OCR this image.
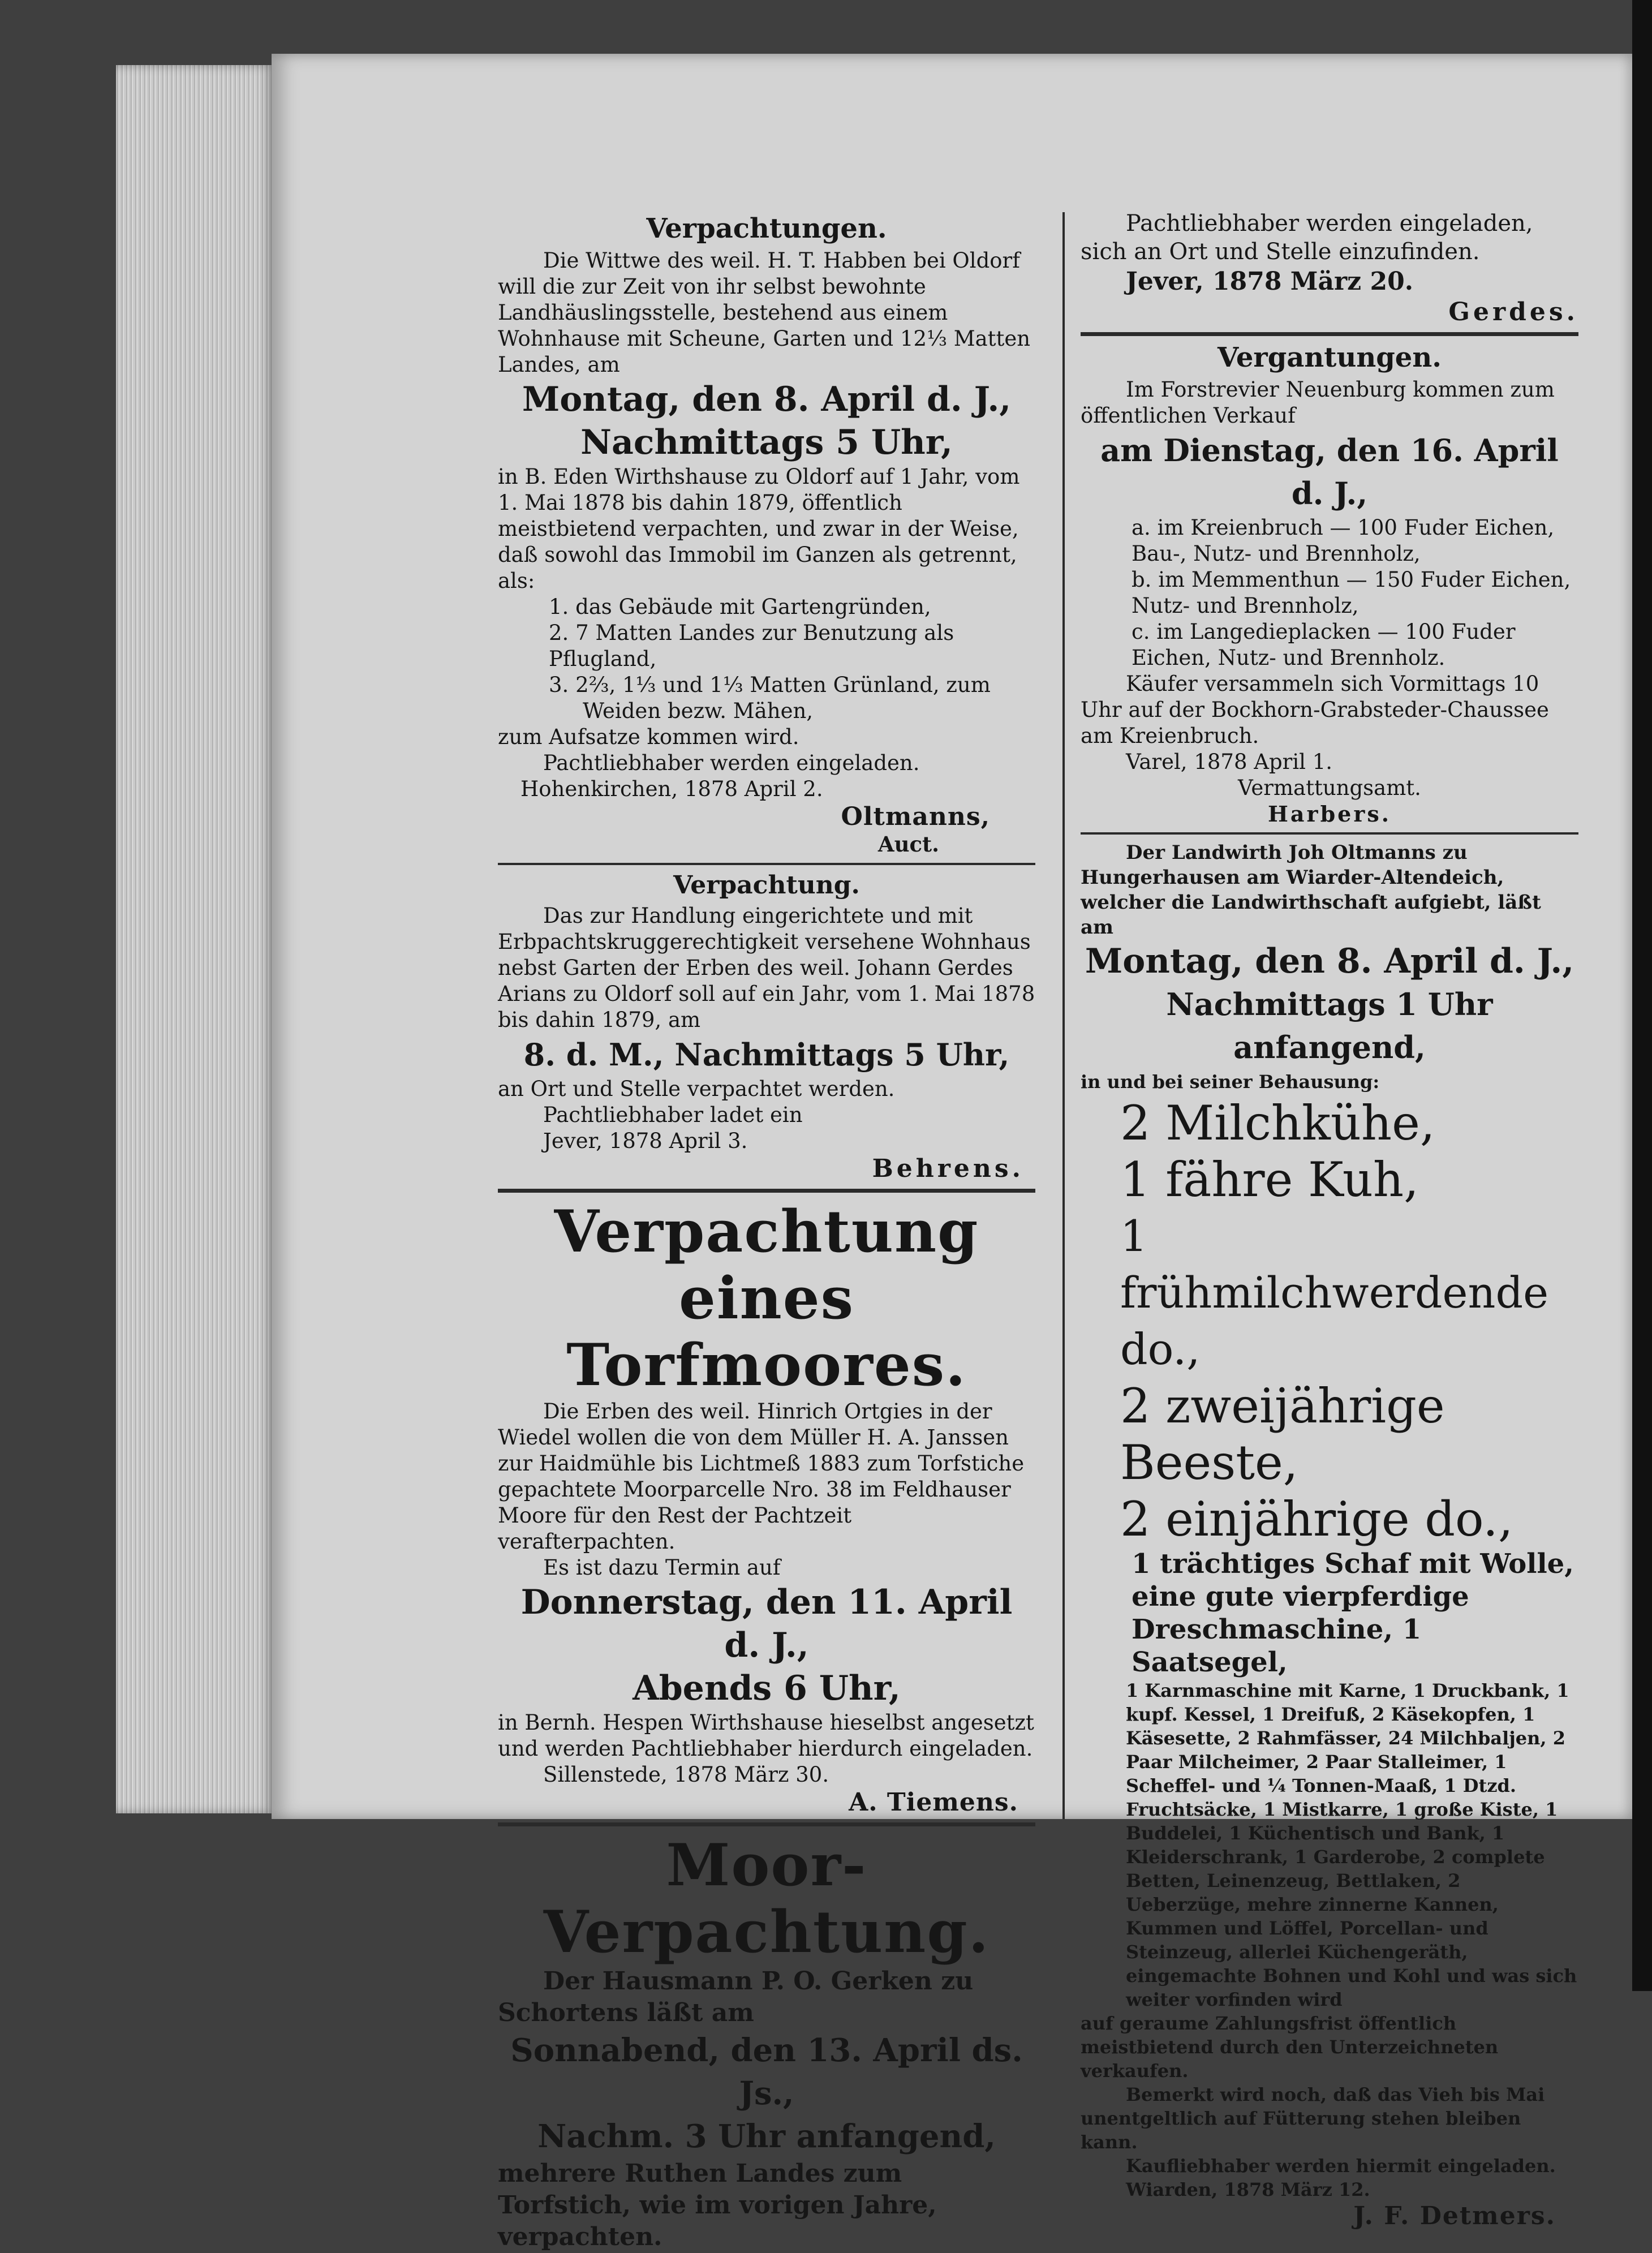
Verpachtungen.

Die Wittwe des weil. H. T. Habben bei Oldorf will die zur Zeit von ihr selbst bewohnte Landhäuslingsstelle, bestehend aus einem Wohnhause mit Scheune, Garten und 12⅓ Matten Landes, am

Montag, den 8. April d. J.,
Nachmittags 5 Uhr,

in B. Eden Wirthshause zu Oldorf auf 1 Jahr, vom 1. Mai 1878 bis dahin 1879, öffentlich meistbietend verpachten, und zwar in der Weise, daß sowohl das Immobil im Ganzen als getrennt, als:

1. das Gebäude mit Gartengründen,

2. 7 Matten Landes zur Benutzung als Pflugland,

3. 2⅔, 1⅓ und 1⅓ Matten Grünland, zum

Weiden bezw. Mähen,

zum Aufsatze kommen wird.

Pachtliebhaber werden eingeladen.

Hohenkirchen, 1878 April 2.

Oltmanns,
Auct.
Verpachtung.

Das zur Handlung eingerichtete und mit Erbpachtskruggerechtigkeit versehene Wohnhaus nebst Garten der Erben des weil. Johann Gerdes Arians zu Oldorf soll auf ein Jahr, vom 1. Mai 1878 bis dahin 1879, am

8. d. M., Nachmittags 5 Uhr,

an Ort und Stelle verpachtet werden.

Pachtliebhaber ladet ein

Jever, 1878 April 3.

Behrens.
Verpachtung eines
Torfmoores.

Die Erben des weil. Hinrich Ortgies in der Wiedel wollen die von dem Müller H. A. Janssen zur Haidmühle bis Lichtmeß 1883 zum Torfstiche gepachtete Moorparcelle Nro. 38 im Feldhauser Moore für den Rest der Pachtzeit verafterpachten.

Es ist dazu Termin auf

Donnerstag, den 11. April d. J.,
Abends 6 Uhr,

in Bernh. Hespen Wirthshause hieselbst angesetzt und werden Pachtliebhaber hierdurch eingeladen.

Sillenstede, 1878 März 30.

A. Tiemens.
Moor-Verpachtung.

Der Hausmann P. O. Gerken zu Schortens läßt am

Sonnabend, den 13. April ds. Js.,
Nachm. 3 Uhr anfangend,

mehrere Ruthen Landes zum Torfstich, wie im vorigen Jahre, verpachten.

Pachtliebhaber werden eingeladen, sich an Ort und Stelle einzufinden.

Jever, 1878 März 20.

Gerdes.
Vergantungen.

Im Forstrevier Neuenburg kommen zum öffentlichen Verkauf

am Dienstag, den 16. April d. J.,

a. im Kreienbruch — 100 Fuder Eichen, Bau-, Nutz- und Brennholz,

b. im Memmenthun — 150 Fuder Eichen, Nutz- und Brennholz,

c. im Langedieplacken — 100 Fuder Eichen, Nutz- und Brennholz.

Käufer versammeln sich Vormittags 10 Uhr auf der Bockhorn-Grabsteder-Chaussee am Kreienbruch.

Varel, 1878 April 1.

Vermattungsamt.

Harbers.

Der Landwirth Joh Oltmanns zu Hungerhausen am Wiarder-Altendeich, welcher die Landwirthschaft aufgiebt, läßt am

Montag, den 8. April d. J.,
Nachmittags 1 Uhr anfangend,

in und bei seiner Behausung:

2 Milchkühe,
1 fähre Kuh,
1 frühmilchwerdende do.,
2 zweijährige Beeste,
2 einjährige do.,

1 trächtiges Schaf mit Wolle, eine gute vierpferdige Dreschmaschine, 1 Saatsegel,

1 Karnmaschine mit Karne, 1 Druckbank, 1 kupf. Kessel, 1 Dreifuß, 2 Käsekopfen, 1 Käsesette, 2 Rahmfässer, 24 Milchbaljen, 2 Paar Milcheimer, 2 Paar Stalleimer, 1 Scheffel- und ¼ Tonnen-Maaß, 1 Dtzd. Fruchtsäcke, 1 Mistkarre, 1 große Kiste, 1 Buddelei, 1 Küchentisch und Bank, 1 Kleiderschrank, 1 Garderobe, 2 complete Betten, Leinenzeug, Bettlaken, 2 Ueberzüge, mehre zinnerne Kannen, Kummen und Löffel, Porcellan- und Steinzeug, allerlei Küchengeräth, eingemachte Bohnen und Kohl und was sich weiter vorfinden wird

auf geraume Zahlungsfrist öffentlich meistbietend durch den Unterzeichneten verkaufen.

Bemerkt wird noch, daß das Vieh bis Mai unentgeltlich auf Fütterung stehen bleiben kann.

Kaufliebhaber werden hiermit eingeladen.

Wiarden, 1878 März 12.

J. F. Detmers.
